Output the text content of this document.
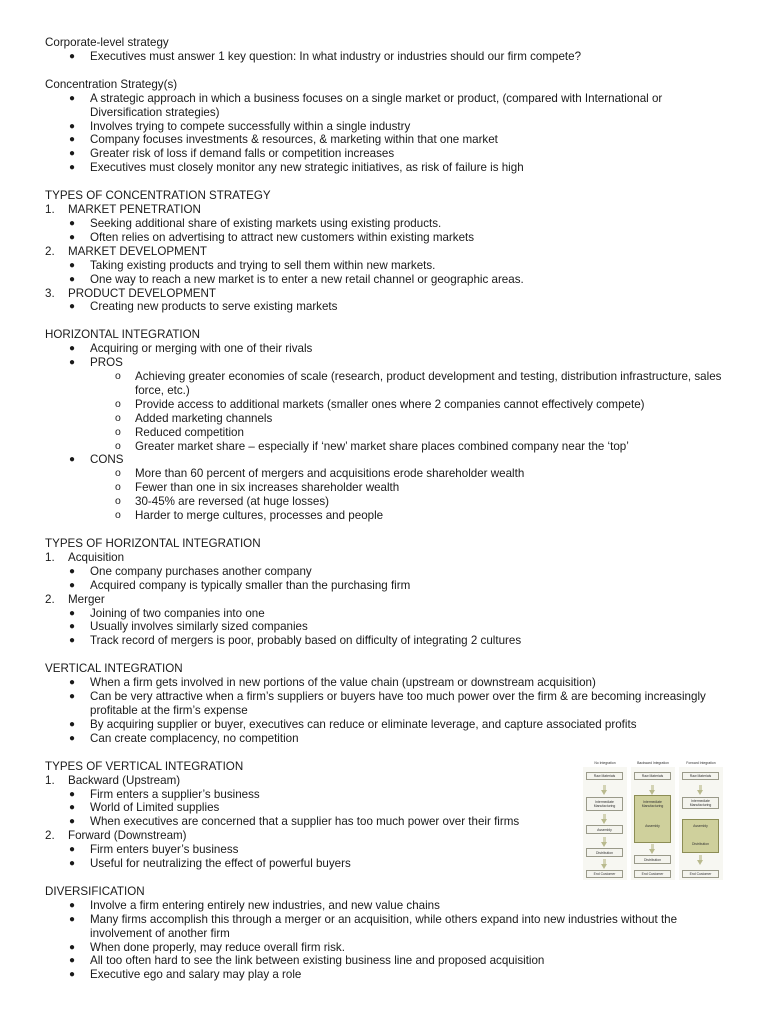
Corporate-level strategy
● Executives must answer 1 key question: In what industry or industries should our firm compete?
Concentration Strategy(s)
● A strategic approach in which a business focuses on a single market or product, (compared with International or Diversification strategies)
● Involves trying to compete successfully within a single industry
● Company focuses investments & resources, & marketing within that one market
● Greater risk of loss if demand falls or competition increases
● Executives must closely monitor any new strategic initiatives, as risk of failure is high
TYPES OF CONCENTRATION STRATEGY
1. MARKET PENETRATION
● Seeking additional share of existing markets using existing products.
● Often relies on advertising to attract new customers within existing markets
2. MARKET DEVELOPMENT
● Taking existing products and trying to sell them within new markets.
● One way to reach a new market is to enter a new retail channel or geographic areas.
3. PRODUCT DEVELOPMENT
● Creating new products to serve existing markets
HORIZONTAL INTEGRATION
● Acquiring or merging with one of their rivals
● PROS
o Achieving greater economies of scale (research, product development and testing, distribution infrastructure, sales force, etc.)
o Provide access to additional markets (smaller ones where 2 companies cannot effectively compete)
o Added marketing channels
o Reduced competition
o Greater market share – especially if ‘new’ market share places combined company near the ‘top’
● CONS
o More than 60 percent of mergers and acquisitions erode shareholder wealth
o Fewer than one in six increases shareholder wealth
o 30-45% are reversed (at huge losses)
o Harder to merge cultures, processes and people
TYPES OF HORIZONTAL INTEGRATION
1. Acquisition
● One company purchases another company
● Acquired company is typically smaller than the purchasing firm
2. Merger
● Joining of two companies into one
● Usually involves similarly sized companies
● Track record of mergers is poor, probably based on difficulty of integrating 2 cultures
VERTICAL INTEGRATION
● When a firm gets involved in new portions of the value chain (upstream or downstream acquisition)
● Can be very attractive when a firm’s suppliers or buyers have too much power over the firm & are becoming increasingly profitable at the firm’s expense
● By acquiring supplier or buyer, executives can reduce or eliminate leverage, and capture associated profits
● Can create complacency, no competition
TYPES OF VERTICAL INTEGRATION
1. Backward (Upstream)
● Firm enters a supplier’s business
● World of Limited supplies
● When executives are concerned that a supplier has too much power over their firms
2. Forward (Downstream)
● Firm enters buyer’s business
● Useful for neutralizing the effect of powerful buyers
DIVERSIFICATION
● Involve a firm entering entirely new industries, and new value chains
● Many firms accomplish this through a merger or an acquisition, while others expand into new industries without the involvement of another firm
● When done properly, may reduce overall firm risk.
● All too often hard to see the link between existing business line and proposed acquisition
● Executive ego and salary may play a role
No Integration
Raw Materials
Intermediate Manufacturing
Assembly
Distribution
End Customer
Backward Integration
Raw Materials
Intermediate Manufacturing
Assembly
Distribution
End Customer
Forward Integration
Raw Materials
Intermediate Manufacturing
Assembly
Distribution
End Customer
